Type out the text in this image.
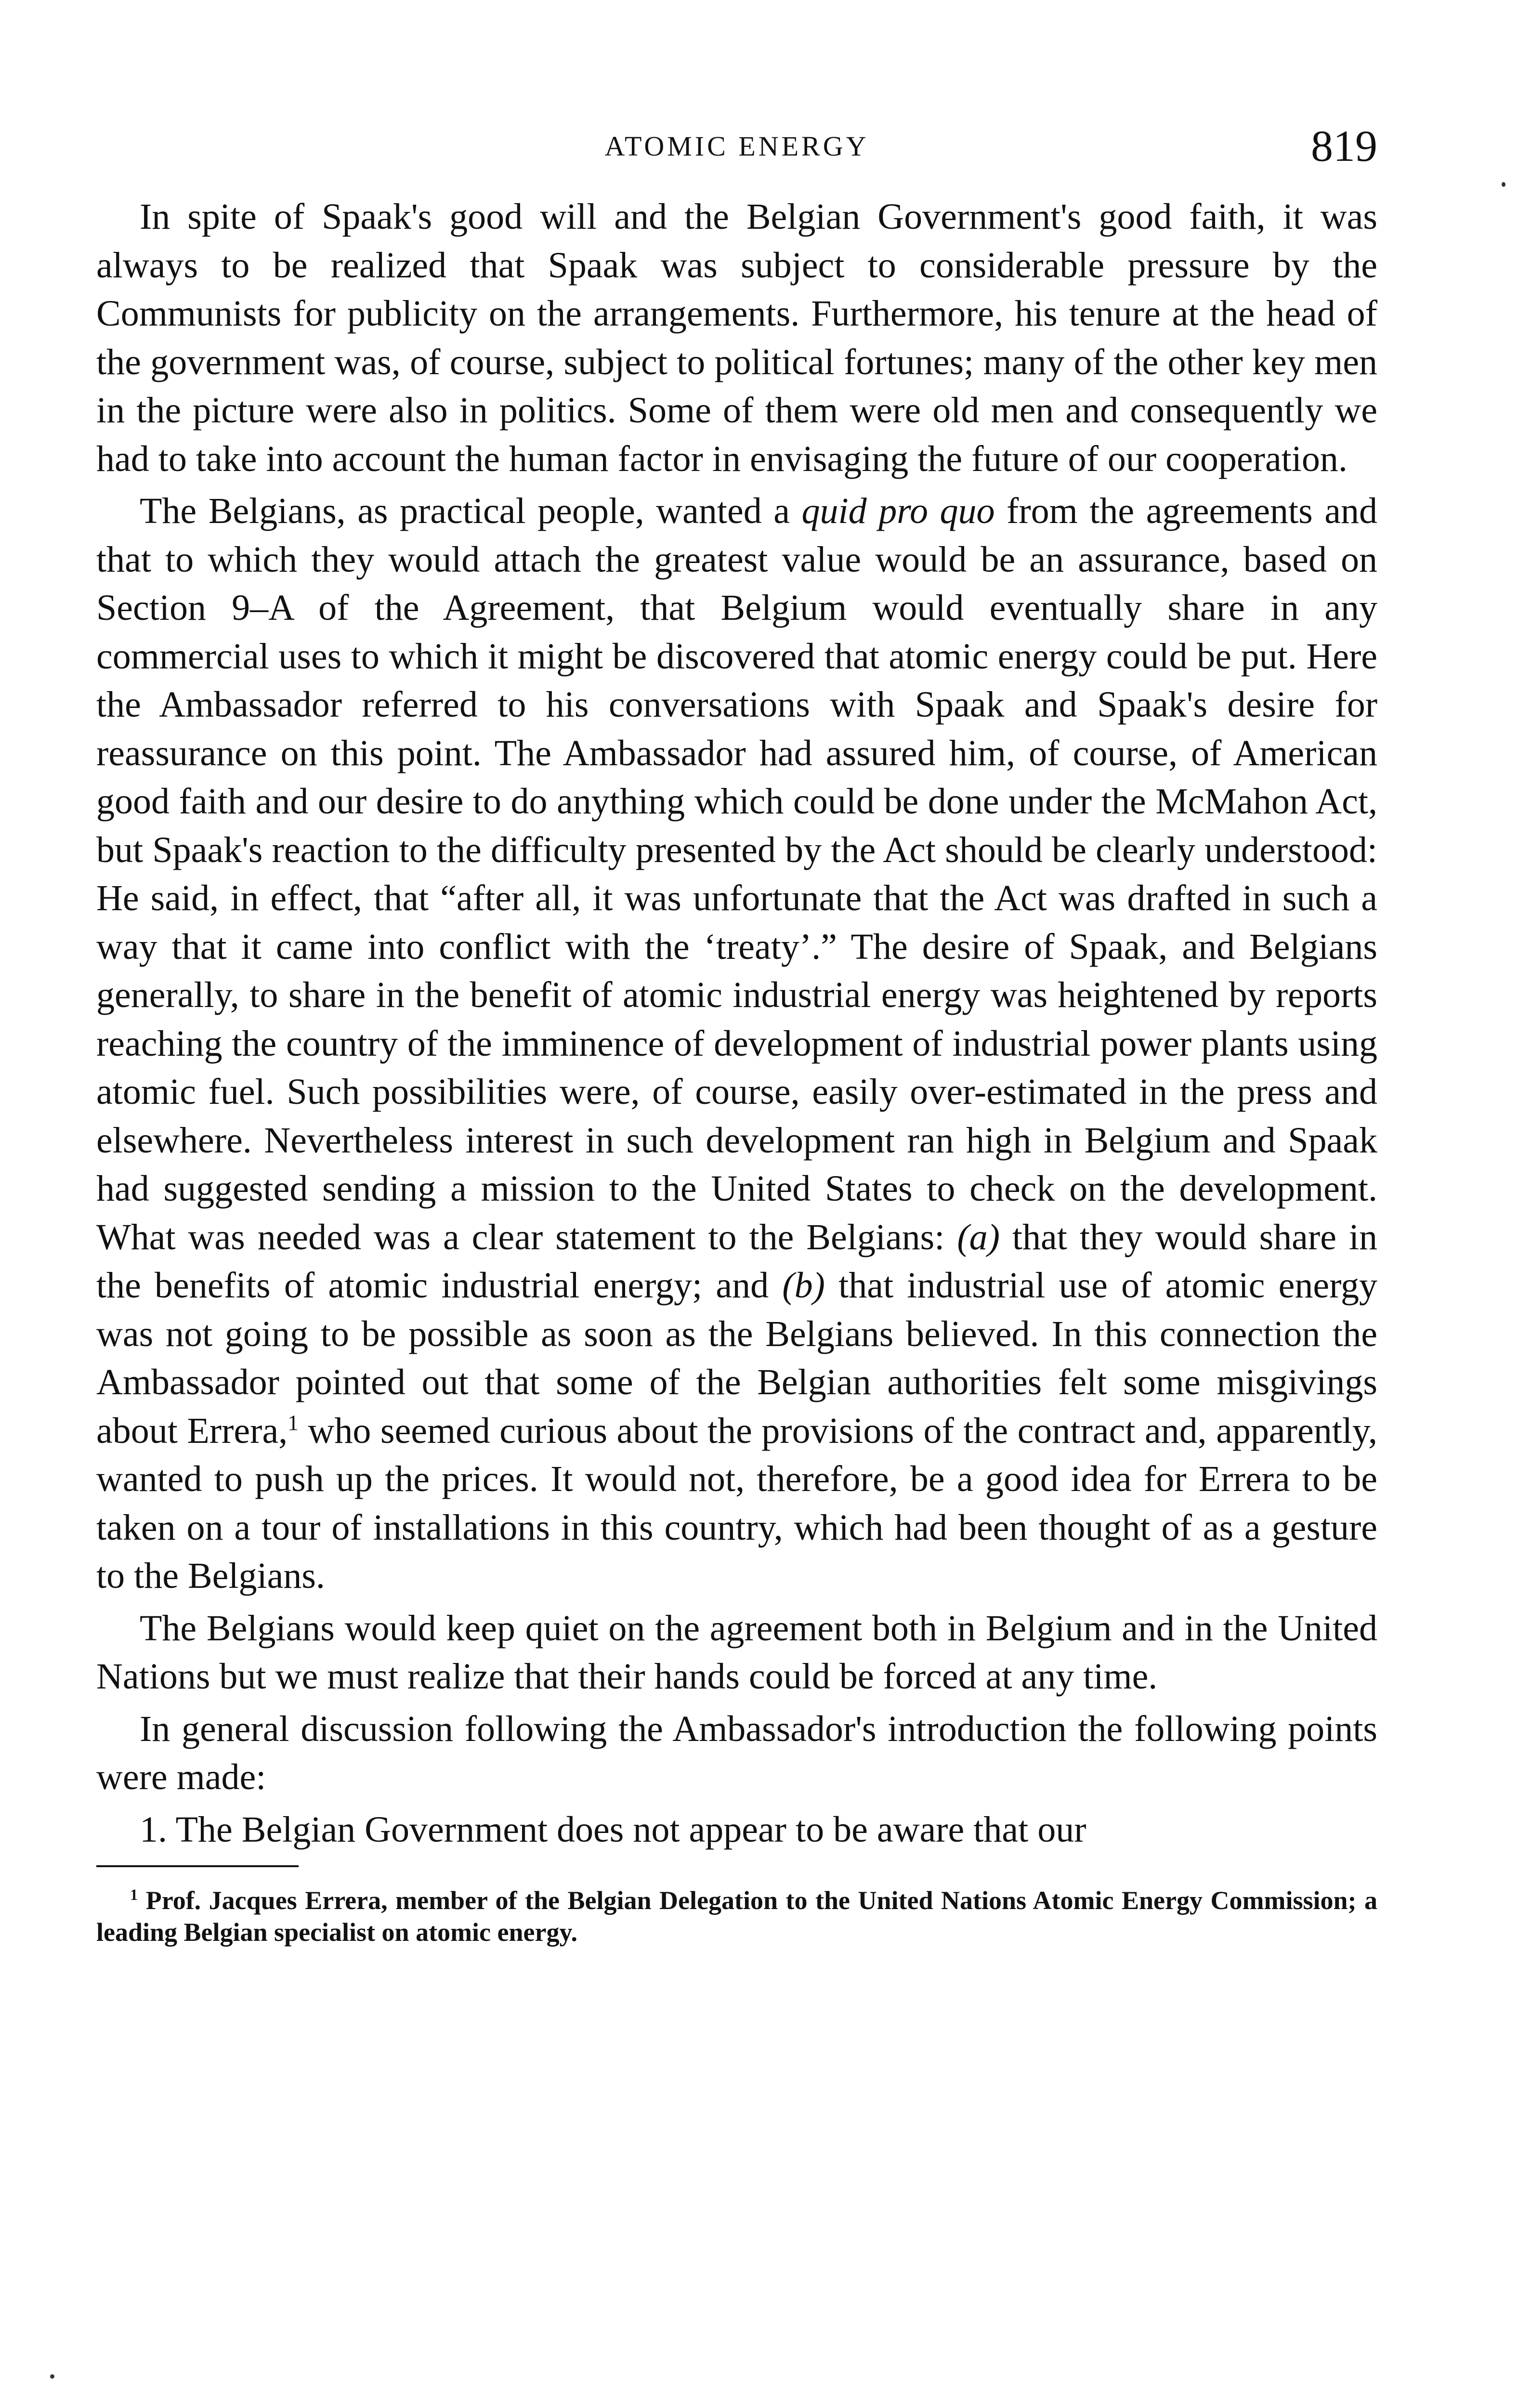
ATOMIC ENERGY	819

In spite of Spaak's good will and the Belgian Government's good faith, it was always to be realized that Spaak was subject to considerable pressure by the Communists for publicity on the arrangements. Furthermore, his tenure at the head of the government was, of course, subject to political fortunes; many of the other key men in the picture were also in politics. Some of them were old men and consequently we had to take into account the human factor in envisaging the future of our cooperation.

The Belgians, as practical people, wanted a quid pro quo from the agreements and that to which they would attach the greatest value would be an assurance, based on Section 9–A of the Agreement, that Belgium would eventually share in any commercial uses to which it might be discovered that atomic energy could be put. Here the Ambassador referred to his conversations with Spaak and Spaak's desire for reassurance on this point. The Ambassador had assured him, of course, of American good faith and our desire to do anything which could be done under the McMahon Act, but Spaak's reaction to the difficulty presented by the Act should be clearly understood: He said, in effect, that “after all, it was unfortunate that the Act was drafted in such a way that it came into conflict with the ‘treaty’.” The desire of Spaak, and Belgians generally, to share in the benefit of atomic industrial energy was heightened by reports reaching the country of the imminence of development of industrial power plants using atomic fuel. Such possibilities were, of course, easily over-estimated in the press and elsewhere. Nevertheless interest in such development ran high in Belgium and Spaak had suggested sending a mission to the United States to check on the development. What was needed was a clear statement to the Belgians: (a) that they would share in the benefits of atomic industrial energy; and (b) that industrial use of atomic energy was not going to be possible as soon as the Belgians believed. In this connection the Ambassador pointed out that some of the Belgian authorities felt some misgivings about Errera,$^1$ who seemed curious about the provisions of the contract and, apparently, wanted to push up the prices. It would not, therefore, be a good idea for Errera to be taken on a tour of installations in this country, which had been thought of as a gesture to the Belgians.

The Belgians would keep quiet on the agreement both in Belgium and in the United Nations but we must realize that their hands could be forced at any time.

In general discussion following the Ambassador's introduction the following points were made:

1. The Belgian Government does not appear to be aware that our

$^1$ Prof. Jacques Errera, member of the Belgian Delegation to the United Nations Atomic Energy Commission; a leading Belgian specialist on atomic energy.
